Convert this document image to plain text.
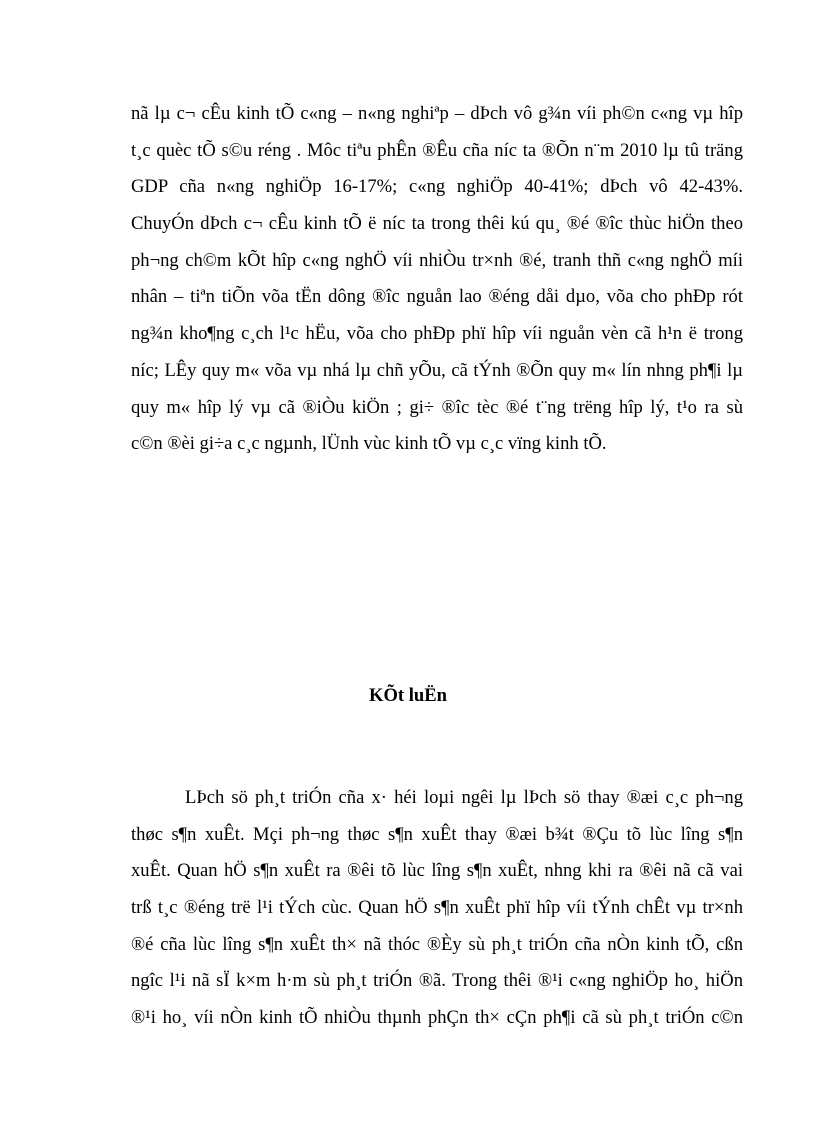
nã lµ c¬ cÊu kinh tÕ c«ng – n«ng nghiªp – dÞch vô g¾n víi ph©n c«ng vµ hîp
t¸c quèc tÕ s©u réng . Môc tiªu phÊn ®Êu cña níc ta ®Õn n¨m 2010 lµ tû träng
GDP cña n«ng nghiÖp 16-17%; c«ng nghiÖp 40-41%; dÞch vô 42-43%.
ChuyÓn dÞch c¬ cÊu kinh tÕ ë níc ta trong thêi kú qu¸ ®é ®îc thùc hiÖn theo
ph¬ng ch©m kÕt hîp c«ng nghÖ víi nhiÒu tr×nh ®é, tranh thñ c«ng nghÖ míi
nhân – tiªn tiÕn võa tËn dông ®îc nguån lao ®éng dåi dµo, võa cho phÐp rót
ng¾n kho¶ng c¸ch l¹c hËu, võa cho phÐp phï hîp víi nguån vèn cã h¹n ë trong
níc; LÊy quy m« võa vµ nhá lµ chñ yÕu, cã tÝnh ®Õn quy m« lín nhng ph¶i lµ
quy m« hîp lý vµ cã ®iÒu kiÖn ; gi÷ ®îc tèc ®é t¨ng trëng hîp lý, t¹o ra sù
c©n ®èi gi÷a c¸c ngµnh, lÜnh vùc kinh tÕ vµ c¸c vïng kinh tÕ.
KÕt luËn
LÞch sö ph¸t triÓn cña x· héi loµi ngêi lµ lÞch sö thay ®æi c¸c ph¬ng
thøc s¶n xuÊt. Mçi ph¬ng thøc s¶n xuÊt thay ®æi b¾t ®Çu tõ lùc lîng s¶n
xuÊt. Quan hÖ s¶n xuÊt ra ®êi tõ lùc lîng s¶n xuÊt, nhng khi ra ®êi nã cã vai
trß t¸c ®éng trë l¹i tÝch cùc. Quan hÖ s¶n xuÊt phï hîp víi tÝnh chÊt vµ tr×nh
®é cña lùc lîng s¶n xuÊt th× nã thóc ®Èy sù ph¸t triÓn cña nÒn kinh tÕ, cßn
ngîc l¹i nã sÏ k×m h·m sù ph¸t triÓn ®ã. Trong thêi ®¹i c«ng nghiÖp ho¸ hiÖn
®¹i ho¸ víi nÒn kinh tÕ nhiÒu thµnh phÇn th× cÇn ph¶i cã sù ph¸t triÓn c©n
